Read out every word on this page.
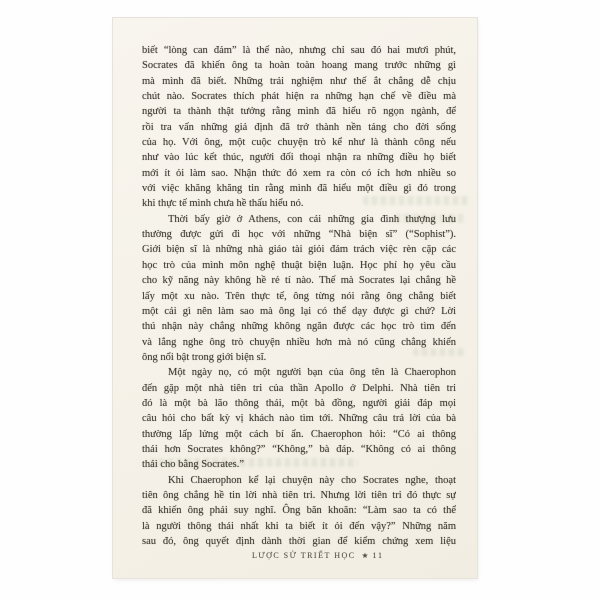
biết “lòng can đảm” là thế nào, nhưng chỉ sau đó hai mươi phút,
Socrates đã khiến ông ta hoàn toàn hoang mang trước những gì
mà mình đã biết. Những trải nghiệm như thế ắt chẳng dễ chịu
chút nào. Socrates thích phát hiện ra những hạn chế về điều mà
người ta thành thật tưởng rằng mình đã hiểu rõ ngọn ngành, để
rồi tra vấn những giả định đã trở thành nền tảng cho đời sống
của họ. Với ông, một cuộc chuyện trò kể như là thành công nếu
như vào lúc kết thúc, người đối thoại nhận ra những điều họ biết
mới ít ỏi làm sao. Nhận thức đó xem ra còn có ích hơn nhiều so
với việc khăng khăng tin rằng mình đã hiểu một điều gì đó trong
khi thực tế mình chưa hề thấu hiểu nó.
Thời bấy giờ ở Athens, con cái những gia đình thượng lưu
thường được gửi đi học với những “Nhà biện sĩ” (“Sophist”).
Giới biện sĩ là những nhà giáo tài giỏi đảm trách việc rèn cặp các
học trò của mình môn nghệ thuật biện luận. Học phí họ yêu cầu
cho kỹ năng này không hề rẻ tí nào. Thế mà Socrates lại chẳng hề
lấy một xu nào. Trên thực tế, ông từng nói rằng ông chẳng biết
một cái gì nên làm sao mà ông lại có thể dạy được gì chứ? Lời
thú nhận này chẳng những không ngăn được các học trò tìm đến
và lắng nghe ông trò chuyện nhiều hơn mà nó cũng chẳng khiến
ông nổi bật trong giới biện sĩ.
Một ngày nọ, có một người bạn của ông tên là Chaerophon
đến gặp một nhà tiên tri của thần Apollo ở Delphi. Nhà tiên tri
đó là một bà lão thông thái, một bà đồng, người giải đáp mọi
câu hỏi cho bất kỳ vị khách nào tìm tới. Những câu trả lời của bà
thường lấp lửng một cách bí ẩn. Chaerophon hỏi: “Có ai thông
thái hơn Socrates không?” “Không,” bà đáp. “Không có ai thông
thái cho bằng Socrates.”
Khi Chaerophon kể lại chuyện này cho Socrates nghe, thoạt
tiên ông chẳng hề tin lời nhà tiên tri. Nhưng lời tiên tri đó thực sự
đã khiến ông phải suy nghĩ. Ông băn khoăn: “Làm sao ta có thể
là người thông thái nhất khi ta biết ít ỏi đến vậy?” Những năm
sau đó, ông quyết định dành thời gian để kiểm chứng xem liệu
LƯỢC SỬ TRIẾT HỌC ★ 11
